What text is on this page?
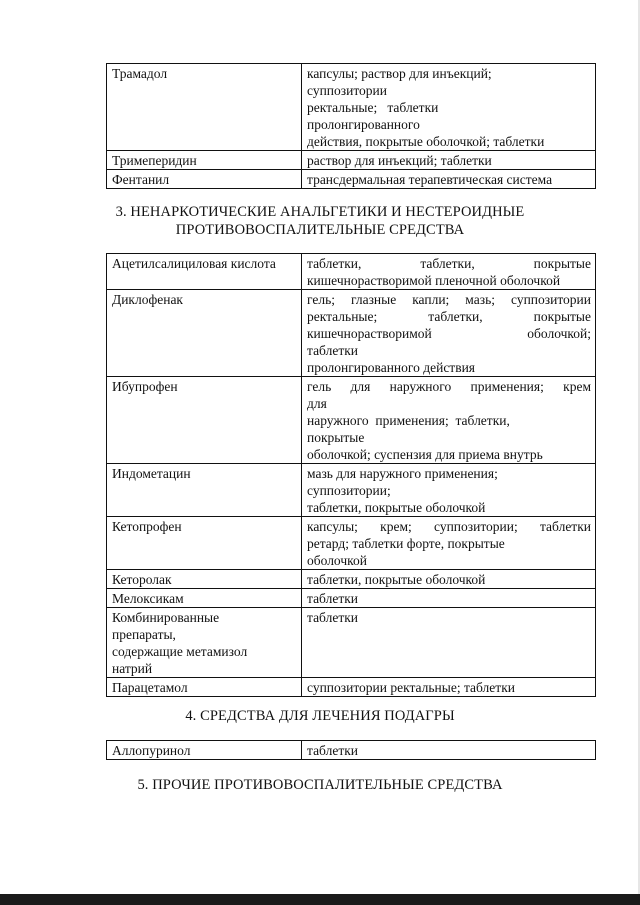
Трамадол	капсулы; раствор для инъекций;
суппозитории
ректальные;   таблетки
пролонгированного
действия, покрытые оболочкой; таблетки

Тримеперидин	раствор для инъекций; таблетки

Фентанил	трансдермальная терапевтическая система
3. НЕНАРКОТИЧЕСКИЕ АНАЛЬГЕТИКИ И НЕСТЕРОИДНЫЕ
ПРОТИВОВОСПАЛИТЕЛЬНЫЕ СРЕДСТВА
Ацетилсалициловая кислота	таблетки, таблетки, покрытые
кишечнорастворимой пленочной оболочкой

Диклофенак	гель; глазные капли; мазь; суппозитории
ректальные; таблетки, покрытые
кишечнорастворимой оболочкой;
таблетки
пролонгированного действия

Ибупрофен	гель для наружного применения; крем
для
наружного  применения;  таблетки,
покрытые
оболочкой; суспензия для приема внутрь

Индометацин	мазь для наружного применения;
суппозитории;
таблетки, покрытые оболочкой

Кетопрофен	капсулы; крем; суппозитории; таблетки
ретард; таблетки форте, покрытые
оболочкой

Кеторолак	таблетки, покрытые оболочкой

Мелоксикам	таблетки

Комбинированные
препараты,
содержащие метамизол
натрий	таблетки

Парацетамол	суппозитории ректальные; таблетки
4. СРЕДСТВА ДЛЯ ЛЕЧЕНИЯ ПОДАГРЫ
Аллопуринол	таблетки
5. ПРОЧИЕ ПРОТИВОВОСПАЛИТЕЛЬНЫЕ СРЕДСТВА
